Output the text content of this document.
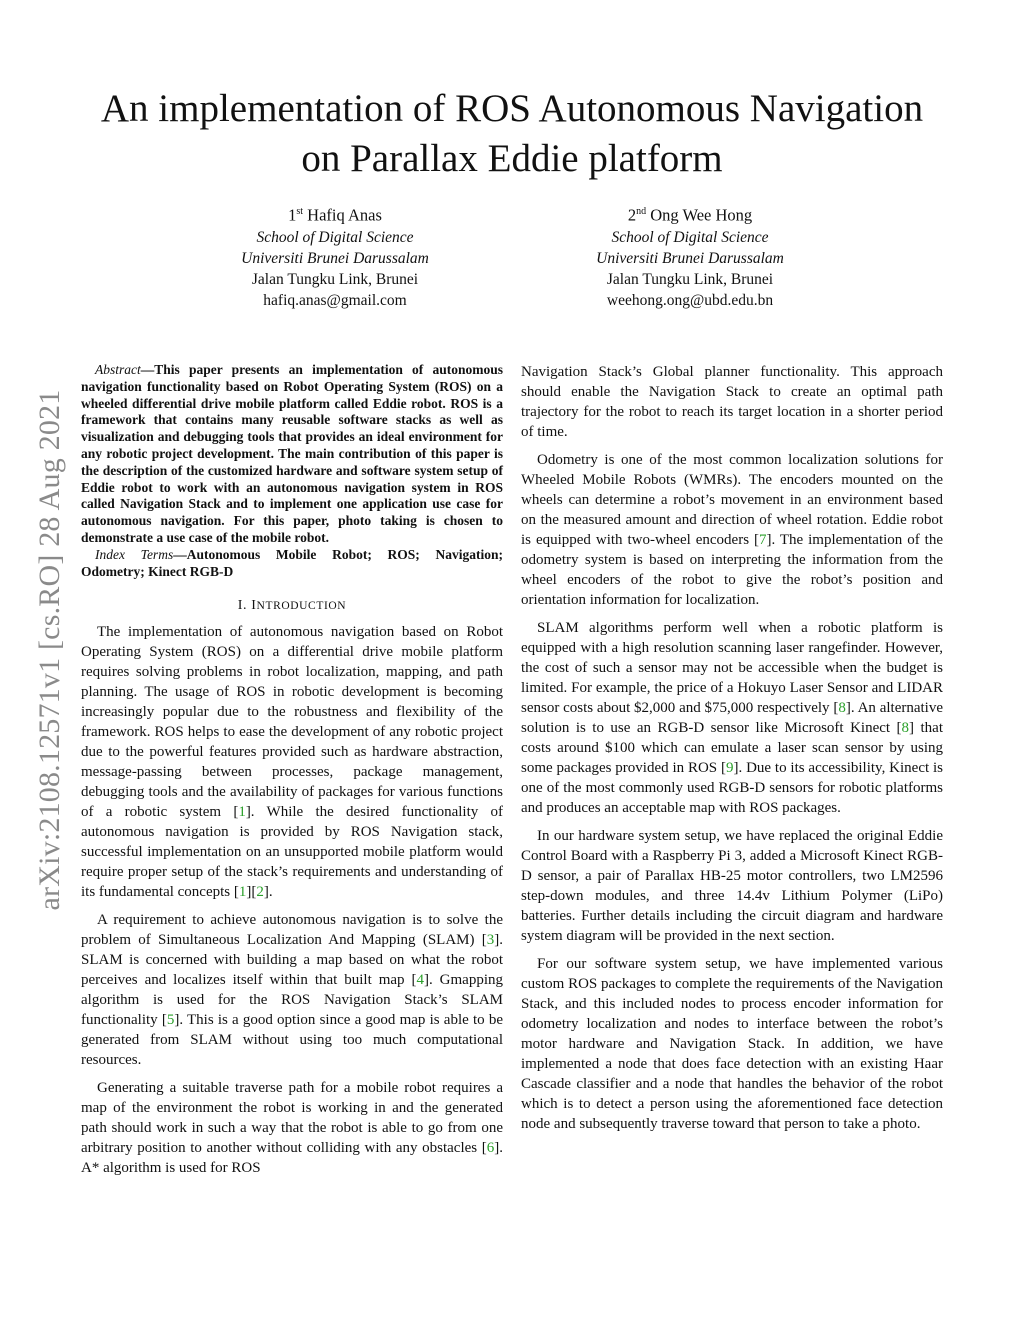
arXiv:2108.12571v1 [cs.RO] 28 Aug 2021
An implementation of ROS Autonomous Navigation
on Parallax Eddie platform
1st Hafiq Anas
School of Digital Science
Universiti Brunei Darussalam
Jalan Tungku Link, Brunei
hafiq.anas@gmail.com
2nd Ong Wee Hong
School of Digital Science
Universiti Brunei Darussalam
Jalan Tungku Link, Brunei
weehong.ong@ubd.edu.bn

Abstract—This paper presents an implementation of autonomous navigation functionality based on Robot Operating System (ROS) on a wheeled differential drive mobile platform called Eddie robot. ROS is a framework that contains many reusable software stacks as well as visualization and debugging tools that provides an ideal environment for any robotic project development. The main contribution of this paper is the description of the customized hardware and software system setup of Eddie robot to work with an autonomous navigation system in ROS called Navigation Stack and to implement one application use case for autonomous navigation. For this paper, photo taking is chosen to demonstrate a use case of the mobile robot.

Index Terms—Autonomous Mobile Robot; ROS; Navigation; Odometry; Kinect RGB-D

I. INTRODUCTION

The implementation of autonomous navigation based on Robot Operating System (ROS) on a differential drive mobile platform requires solving problems in robot localization, mapping, and path planning. The usage of ROS in robotic development is becoming increasingly popular due to the robustness and flexibility of the framework. ROS helps to ease the development of any robotic project due to the powerful features provided such as hardware abstraction, message-passing between processes, package management, debugging tools and the availability of packages for various functions of a robotic system [1]. While the desired functionality of autonomous navigation is provided by ROS Navigation stack, successful implementation on an unsupported mobile platform would require proper setup of the stack’s requirements and understanding of its fundamental concepts [1][2].

A requirement to achieve autonomous navigation is to solve the problem of Simultaneous Localization And Mapping (SLAM) [3]. SLAM is concerned with building a map based on what the robot perceives and localizes itself within that built map [4]. Gmapping algorithm is used for the ROS Navigation Stack’s SLAM functionality [5]. This is a good option since a good map is able to be generated from SLAM without using too much computational resources.

Generating a suitable traverse path for a mobile robot requires a map of the environment the robot is working in and the generated path should work in such a way that the robot is able to go from one arbitrary position to another without colliding with any obstacles [6]. A* algorithm is used for ROS

Navigation Stack’s Global planner functionality. This approach should enable the Navigation Stack to create an optimal path trajectory for the robot to reach its target location in a shorter period of time.

Odometry is one of the most common localization solutions for Wheeled Mobile Robots (WMRs). The encoders mounted on the wheels can determine a robot’s movement in an environment based on the measured amount and direction of wheel rotation. Eddie robot is equipped with two-wheel encoders [7]. The implementation of the odometry system is based on interpreting the information from the wheel encoders of the robot to give the robot’s position and orientation information for localization.

SLAM algorithms perform well when a robotic platform is equipped with a high resolution scanning laser rangefinder. However, the cost of such a sensor may not be accessible when the budget is limited. For example, the price of a Hokuyo Laser Sensor and LIDAR sensor costs about $2,000 and $75,000 respectively [8]. An alternative solution is to use an RGB-D sensor like Microsoft Kinect [8] that costs around $100 which can emulate a laser scan sensor by using some packages provided in ROS [9]. Due to its accessibility, Kinect is one of the most commonly used RGB-D sensors for robotic platforms and produces an acceptable map with ROS packages.

In our hardware system setup, we have replaced the original Eddie Control Board with a Raspberry Pi 3, added a Microsoft Kinect RGB-D sensor, a pair of Parallax HB-25 motor controllers, two LM2596 step-down modules, and three 14.4v Lithium Polymer (LiPo) batteries. Further details including the circuit diagram and hardware system diagram will be provided in the next section.

For our software system setup, we have implemented various custom ROS packages to complete the requirements of the Navigation Stack, and this included nodes to process encoder information for odometry localization and nodes to interface between the robot’s motor hardware and Navigation Stack. In addition, we have implemented a node that does face detection with an existing Haar Cascade classifier and a node that handles the behavior of the robot which is to detect a person using the aforementioned face detection node and subsequently traverse toward that person to take a photo.
